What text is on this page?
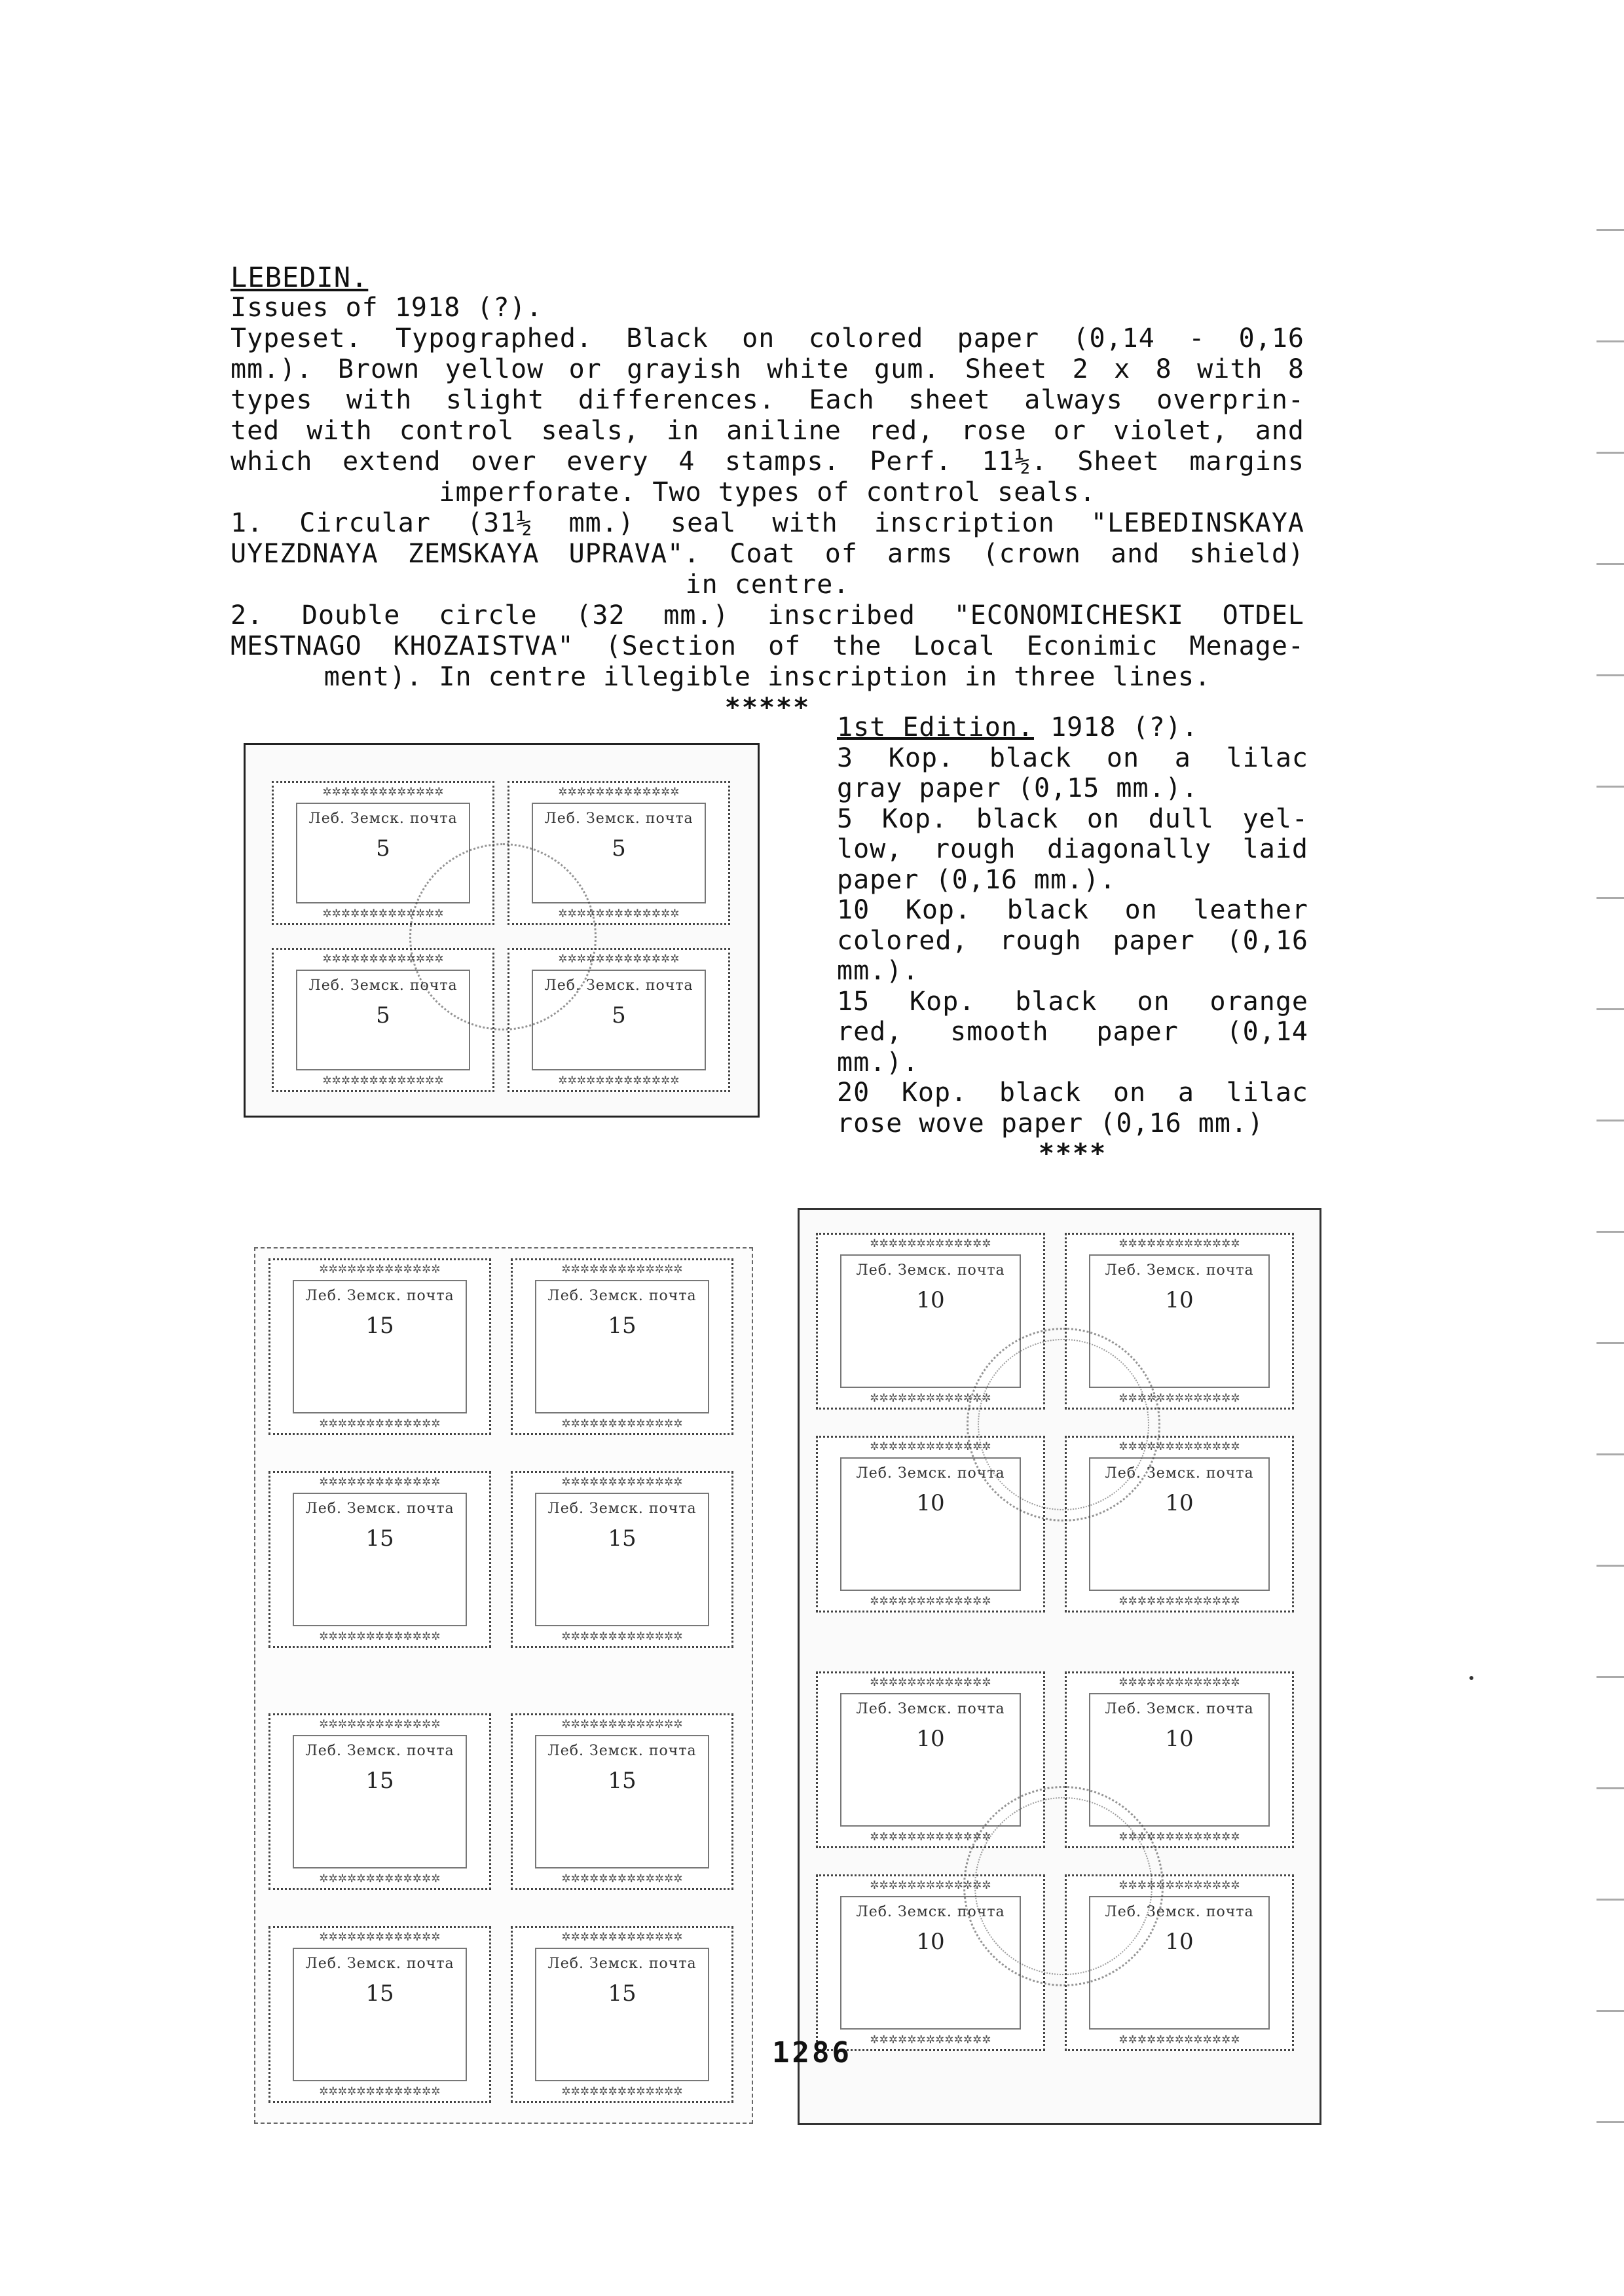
LEBEDIN.
Issues of 1918 (?).
Typeset. Typographed. Black on colored paper (0,14 - 0,16
mm.). Brown yellow or grayish white gum. Sheet 2 x 8 with 8
types with slight differences. Each sheet always overprin-
ted with control seals, in aniline red, rose or violet, and
which extend over every 4 stamps. Perf. 11½. Sheet margins
imperforate. Two types of control seals.
1. Circular (31½ mm.) seal with inscription "LEBEDINSKAYA
UYEZDNAYA ZEMSKAYA UPRAVA". Coat of arms (crown and shield)
in centre.
2. Double circle (32 mm.) inscribed "ECONOMICHESKI OTDEL
MESTNAGO KHOZAISTVA" (Section of the Local Econimic Menage-
ment). In centre illegible inscription in three lines.
*****
1st Edition. 1918 (?).
3 Kop. black on a lilac
gray paper (0,15 mm.).
5 Kop. black on dull yel-
low, rough diagonally laid
paper (0,16 mm.).
10 Kop. black on leather
colored, rough paper (0,16
mm.).
15 Kop. black on orange
red, smooth paper (0,14
mm.).
20 Kop. black on a lilac
rose wove paper (0,16 mm.)
****
✲✲✲✲✲✲✲✲✲✲✲✲✲
Леб. Земск. почта
5
✲✲✲✲✲✲✲✲✲✲✲✲✲
✲✲✲✲✲✲✲✲✲✲✲✲✲
Леб. Земск. почта
5
✲✲✲✲✲✲✲✲✲✲✲✲✲
✲✲✲✲✲✲✲✲✲✲✲✲✲
Леб. Земск. почта
5
✲✲✲✲✲✲✲✲✲✲✲✲✲
✲✲✲✲✲✲✲✲✲✲✲✲✲
Леб. Земск. почта
5
✲✲✲✲✲✲✲✲✲✲✲✲✲
✲✲✲✲✲✲✲✲✲✲✲✲✲
Леб. Земск. почта
15
✲✲✲✲✲✲✲✲✲✲✲✲✲
✲✲✲✲✲✲✲✲✲✲✲✲✲
Леб. Земск. почта
15
✲✲✲✲✲✲✲✲✲✲✲✲✲
✲✲✲✲✲✲✲✲✲✲✲✲✲
Леб. Земск. почта
15
✲✲✲✲✲✲✲✲✲✲✲✲✲
✲✲✲✲✲✲✲✲✲✲✲✲✲
Леб. Земск. почта
15
✲✲✲✲✲✲✲✲✲✲✲✲✲
✲✲✲✲✲✲✲✲✲✲✲✲✲
Леб. Земск. почта
15
✲✲✲✲✲✲✲✲✲✲✲✲✲
✲✲✲✲✲✲✲✲✲✲✲✲✲
Леб. Земск. почта
15
✲✲✲✲✲✲✲✲✲✲✲✲✲
✲✲✲✲✲✲✲✲✲✲✲✲✲
Леб. Земск. почта
15
✲✲✲✲✲✲✲✲✲✲✲✲✲
✲✲✲✲✲✲✲✲✲✲✲✲✲
Леб. Земск. почта
15
✲✲✲✲✲✲✲✲✲✲✲✲✲
✲✲✲✲✲✲✲✲✲✲✲✲✲
Леб. Земск. почта
10
✲✲✲✲✲✲✲✲✲✲✲✲✲
✲✲✲✲✲✲✲✲✲✲✲✲✲
Леб. Земск. почта
10
✲✲✲✲✲✲✲✲✲✲✲✲✲
✲✲✲✲✲✲✲✲✲✲✲✲✲
Леб. Земск. почта
10
✲✲✲✲✲✲✲✲✲✲✲✲✲
✲✲✲✲✲✲✲✲✲✲✲✲✲
Леб. Земск. почта
10
✲✲✲✲✲✲✲✲✲✲✲✲✲
✲✲✲✲✲✲✲✲✲✲✲✲✲
Леб. Земск. почта
10
✲✲✲✲✲✲✲✲✲✲✲✲✲
✲✲✲✲✲✲✲✲✲✲✲✲✲
Леб. Земск. почта
10
✲✲✲✲✲✲✲✲✲✲✲✲✲
✲✲✲✲✲✲✲✲✲✲✲✲✲
Леб. Земск. почта
10
✲✲✲✲✲✲✲✲✲✲✲✲✲
✲✲✲✲✲✲✲✲✲✲✲✲✲
Леб. Земск. почта
10
✲✲✲✲✲✲✲✲✲✲✲✲✲
1286
